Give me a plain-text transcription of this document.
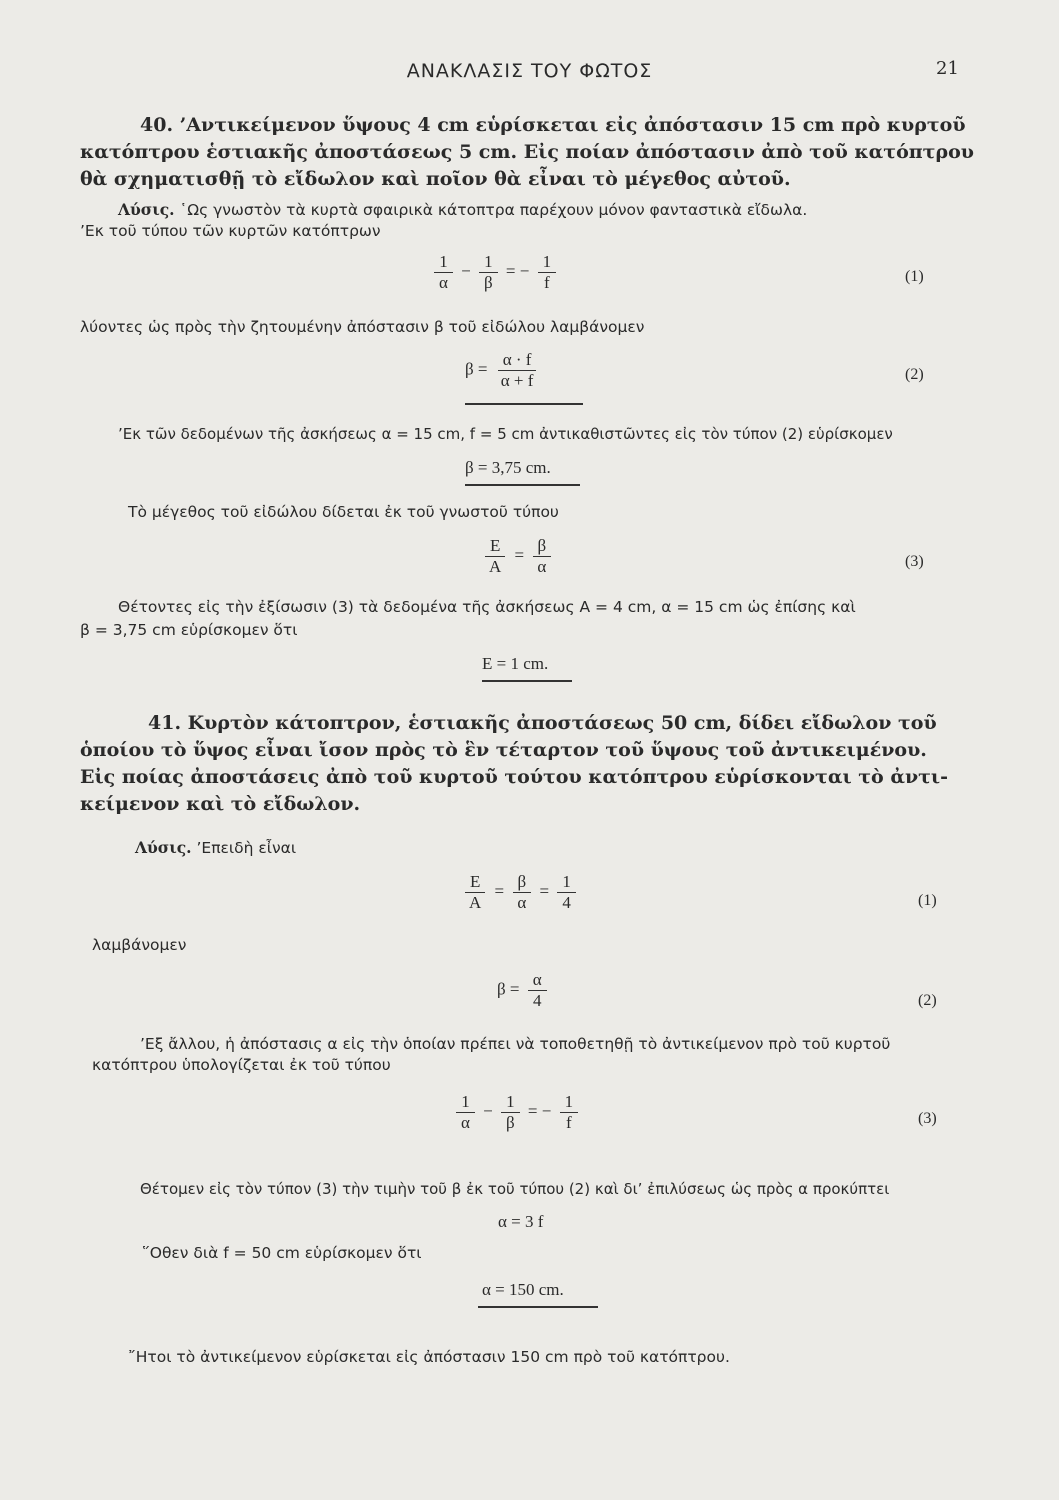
ΑΝΑΚΛΑΣΙΣ ΤΟΥ ΦΩΤΟΣ	21
40. ’Αντικείμενον ὕψους 4 cm εὑρίσκεται εἰς ἀπόστασιν 15 cm πρὸ κυρτοῦ
κατόπτρου ἑστιακῆς ἀποστάσεως 5 cm. Εἰς ποίαν ἀπόστασιν ἀπὸ τοῦ κατόπτρου
θὰ σχηματισθῇ τὸ εἴδωλον καὶ ποῖον θὰ εἶναι τὸ μέγεθος αὐτοῦ.
Λύσις. ῾Ως γνωστὸν τὰ κυρτὰ σφαιρικὰ κάτοπτρα παρέχουν μόνον φανταστικὰ εἴδωλα.
’Εκ τοῦ τύπου τῶν κυρτῶν κατόπτρων
$\frac{1}{\alpha} - \frac{1}{\beta}$ = − $\frac{1}{f}$	(1)
λύοντες ὡς πρὸς τὴν ζητουμένην ἀπόστασιν β τοῦ εἰδώλου λαμβάνομεν
$\beta = \frac{\alpha \cdot f}{\alpha + f}$	(2)
’Εκ τῶν δεδομένων τῆς ἀσκήσεως α = 15 cm, f = 5 cm ἀντικαθιστῶντες εἰς τὸν τύπον (2) εὑρίσκομεν
β = 3,75 cm.
Τὸ μέγεθος τοῦ εἰδώλου δίδεται ἐκ τοῦ γνωστοῦ τύπου
$\frac{E}{A} = \frac{\beta}{\alpha}$	(3)
Θέτοντες εἰς τὴν ἐξίσωσιν (3) τὰ δεδομένα τῆς ἀσκήσεως Α = 4 cm, α = 15 cm ὡς ἐπίσης καὶ
β = 3,75 cm εὑρίσκομεν ὅτι
Ε = 1 cm.
41. Κυρτὸν κάτοπτρον, ἑστιακῆς ἀποστάσεως 50 cm, δίδει εἴδωλον τοῦ
ὁποίου τὸ ὕψος εἶναι ἴσον πρὸς τὸ ἓν τέταρτον τοῦ ὕψους τοῦ ἀντικειμένου.
Εἰς ποίας ἀποστάσεις ἀπὸ τοῦ κυρτοῦ τούτου κατόπτρου εὑρίσκονται τὸ ἀντι-
κείμενον καὶ τὸ εἴδωλον.
Λύσις. ’Επειδὴ εἶναι
$\frac{E}{A} = \frac{\beta}{\alpha} = \frac{1}{4}$	(1)
λαμβάνομεν
$\beta = \frac{\alpha}{4}$	(2)
’Εξ ἄλλου, ἡ ἀπόστασις α εἰς τὴν ὁποίαν πρέπει νὰ τοποθετηθῇ τὸ ἀντικείμενον πρὸ τοῦ κυρτοῦ
κατόπτρου ὑπολογίζεται ἐκ τοῦ τύπου
$\frac{1}{\alpha} - \frac{1}{\beta}$ = − $\frac{1}{f}$	(3)
Θέτομεν εἰς τὸν τύπον (3) τὴν τιμὴν τοῦ β ἐκ τοῦ τύπου (2) καὶ δι’ ἐπιλύσεως ὡς πρὸς α προκύπτει
α = 3 f
῞Οθεν διὰ f = 50 cm εὑρίσκομεν ὅτι
α = 150 cm.
῎Ητοι τὸ ἀντικείμενον εὑρίσκεται εἰς ἀπόστασιν 150 cm πρὸ τοῦ κατόπτρου.
